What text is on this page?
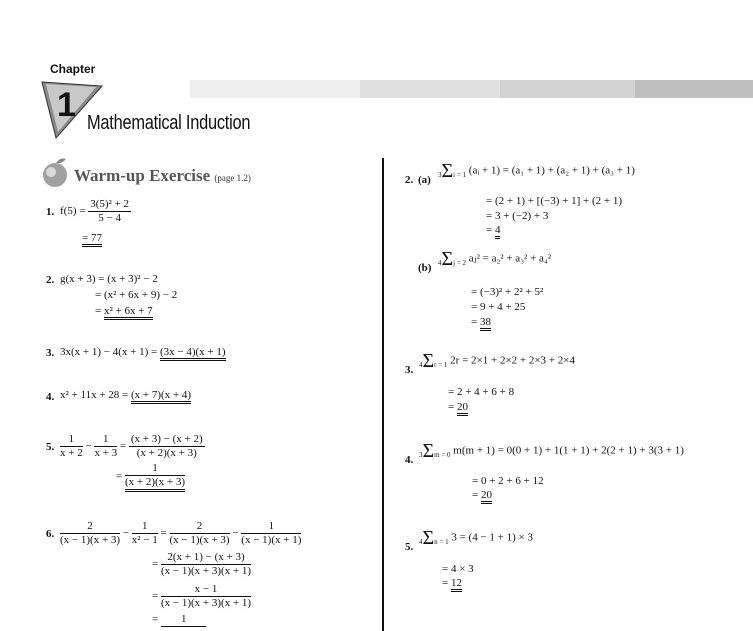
Chapter
1 Mathematical Induction
Warm-up Exercise (page 1.2)
1. $f(5) = \frac{\text{3(5)² + 2}}{5 - 4}$
= 77
2. g(x + 3) = (x + 3)² − 2
= (x² + 6x + 9) − 2
= x² + 6x + 7
3. 3x(x + 1) − 4(x + 1) = (3x − 4)(x + 1)
4. x² + 11x + 28 = (x + 7)(x + 4)
5. $\frac{1}{x + 2} - \frac{1}{x + 3} = \frac{(x + 3) - (x + 2)}{(x + 2)(x + 3)}$
= $\frac{1}{(x + 2)(x + 3)}$
6. $\frac{2}{(x - 1)(x + 3)} - \frac{1}{\text{x² − 1}} = \frac{2}{(x - 1)(x + 3)} - \frac{1}{(x - 1)(x + 1)}$
= $\frac{2(x + 1) - (x + 3)}{(x - 1)(x + 3)(x + 1)}$
= $\frac{x - 1}{(x - 1)(x + 3)(x + 1)}$
=	1
2. (a) 3Σi = 1 (aᵢ + 1) = (a₁ + 1) + (a₂ + 1) + (a₃ + 1)
= (2 + 1) + [(−3) + 1] + (2 + 1)
= 3 + (−2) + 3
= 4
(b) 4Σj = 2 aⱼ² = a₂² + a₃² + a₄²
= (−3)² + 2² + 5²
= 9 + 4 + 25
= 38
3. 4Σr = 1 2r = 2×1 + 2×2 + 2×3 + 2×4
= 2 + 4 + 6 + 8
= 20
4. 3Σm = 0 m(m + 1) = 0(0 + 1) + 1(1 + 1) + 2(2 + 1) + 3(3 + 1)
= 0 + 2 + 6 + 12
= 20
5. 4Σn = 1 3 = (4 − 1 + 1) × 3
= 4 × 3
= 12
